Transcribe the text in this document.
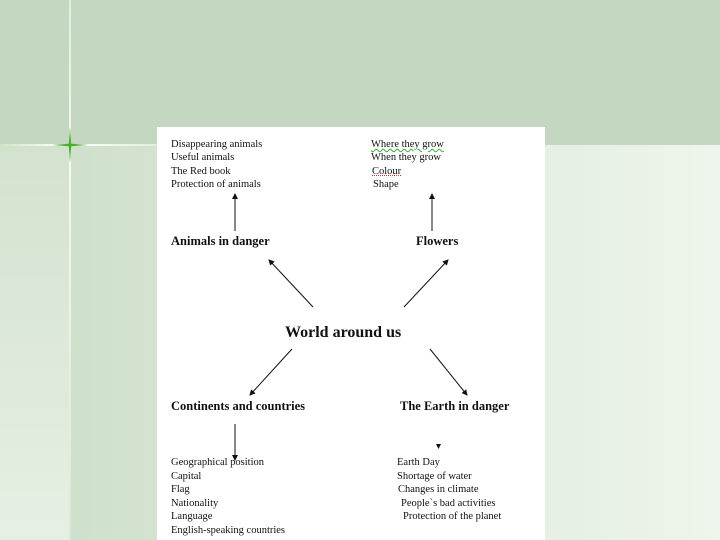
Disappearing animals
Useful animals
The Red book
Protection of animals
Where they grow
When they grow
Colour
Shape
Animals in danger	Flowers
World around us
Continents and countries	The Earth in danger
Geographical position
Capital
Flag
Nationality
Language
English-speaking countries
Earth Day
Shortage of water
Changes in climate
People`s bad activities
Protection of the planet
